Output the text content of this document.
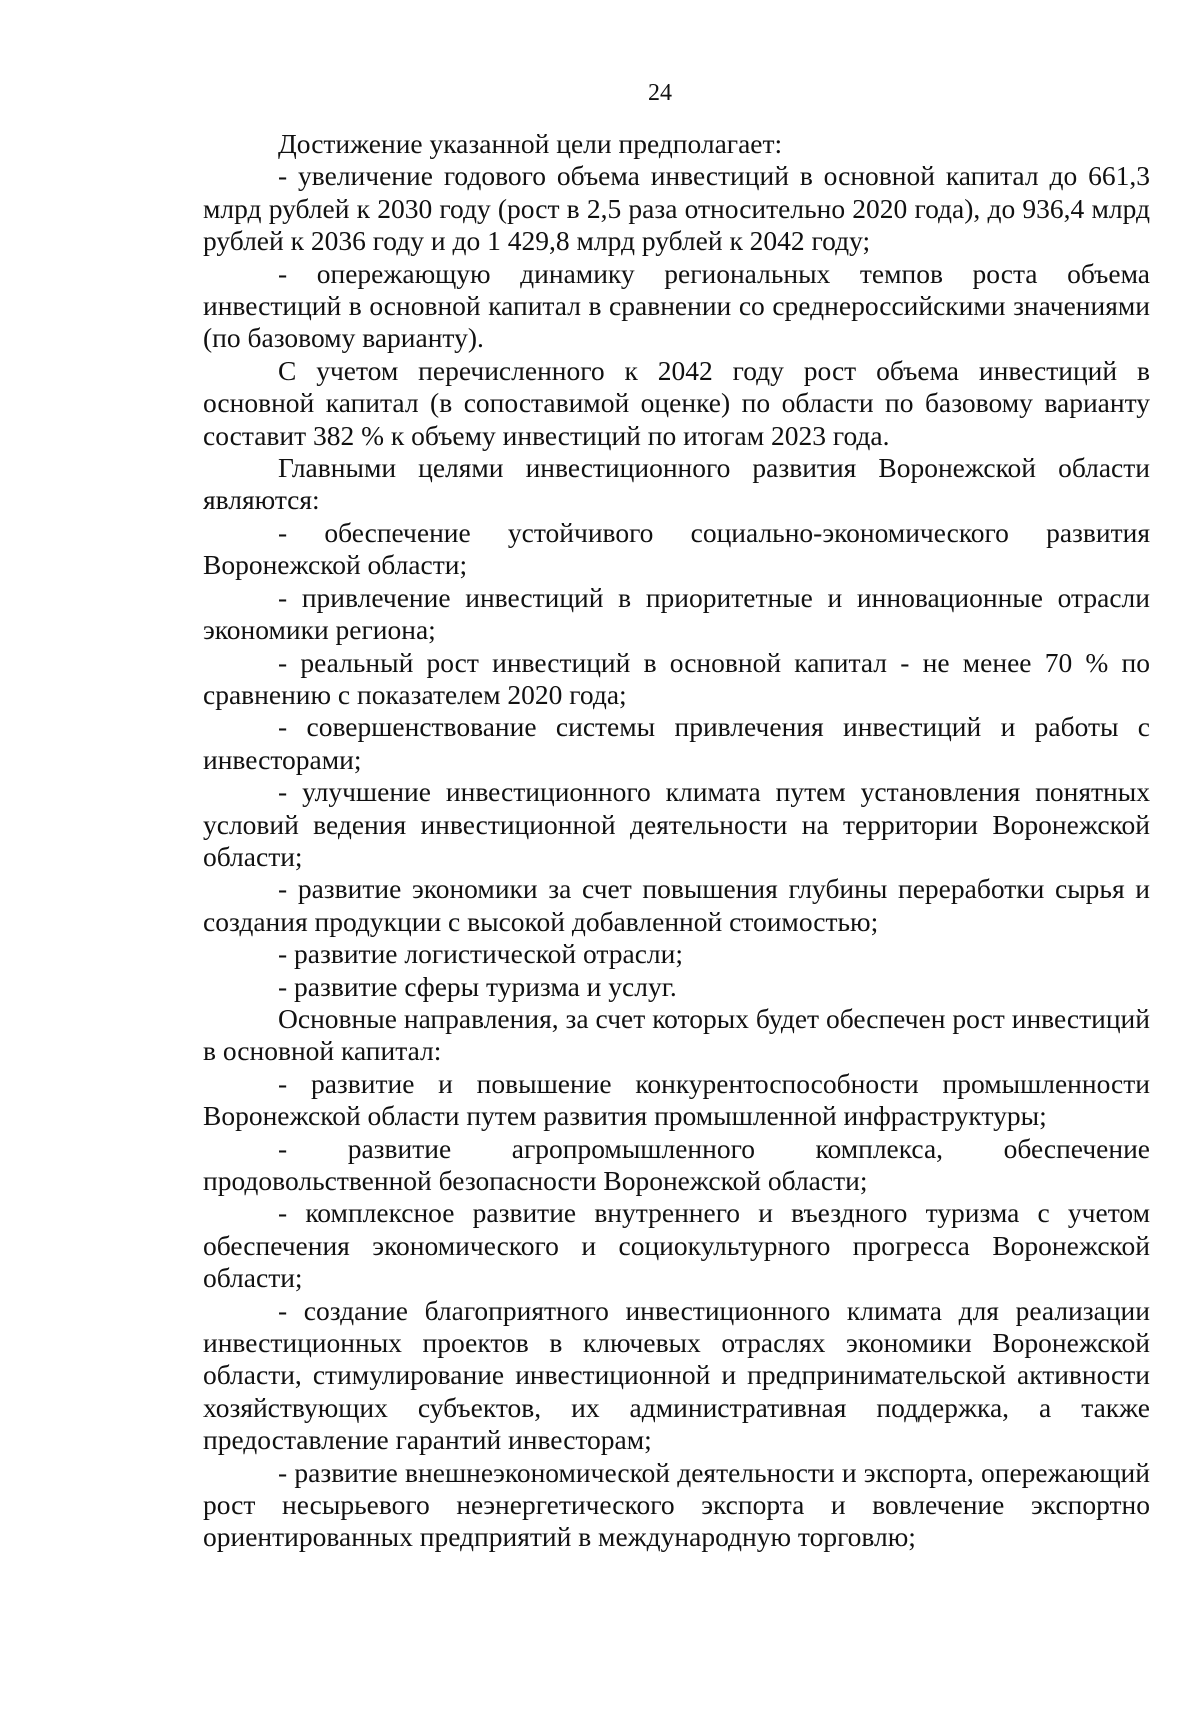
24

Достижение указанной цели предполагает:

- увеличение годового объема инвестиций в основной капитал до 661,3 млрд рублей к 2030 году (рост в 2,5 раза относительно 2020 года), до 936,4 млрд рублей к 2036 году и до 1 429,8 млрд рублей к 2042 году;

- опережающую динамику региональных темпов роста объема инвестиций в основной капитал в сравнении со среднероссийскими значениями (по базовому варианту).

С учетом перечисленного к 2042 году рост объема инвестиций в основной капитал (в сопоставимой оценке) по области по базовому варианту составит 382 % к объему инвестиций по итогам 2023 года.

Главными целями инвестиционного развития Воронежской области являются:

- обеспечение устойчивого социально-экономического развития Воронежской области;

- привлечение инвестиций в приоритетные и инновационные отрасли экономики региона;

- реальный рост инвестиций в основной капитал - не менее 70 % по сравнению с показателем 2020 года;

- совершенствование системы привлечения инвестиций и работы с инвесторами;

- улучшение инвестиционного климата путем установления понятных условий ведения инвестиционной деятельности на территории Воронежской области;

- развитие экономики за счет повышения глубины переработки сырья и создания продукции с высокой добавленной стоимостью;

- развитие логистической отрасли;

- развитие сферы туризма и услуг.

Основные направления, за счет которых будет обеспечен рост инвестиций в основной капитал:

- развитие и повышение конкурентоспособности промышленности Воронежской области путем развития промышленной инфраструктуры;

- развитие агропромышленного комплекса, обеспечение продовольственной безопасности Воронежской области;

- комплексное развитие внутреннего и въездного туризма с учетом обеспечения экономического и социокультурного прогресса Воронежской области;

- создание благоприятного инвестиционного климата для реализации инвестиционных проектов в ключевых отраслях экономики Воронежской области, стимулирование инвестиционной и предпринимательской активности хозяйствующих субъектов, их административная поддержка, а также предоставление гарантий инвесторам;

- развитие внешнеэкономической деятельности и экспорта, опережающий рост несырьевого неэнергетического экспорта и вовлечение экспортно ориентированных предприятий в международную торговлю;
